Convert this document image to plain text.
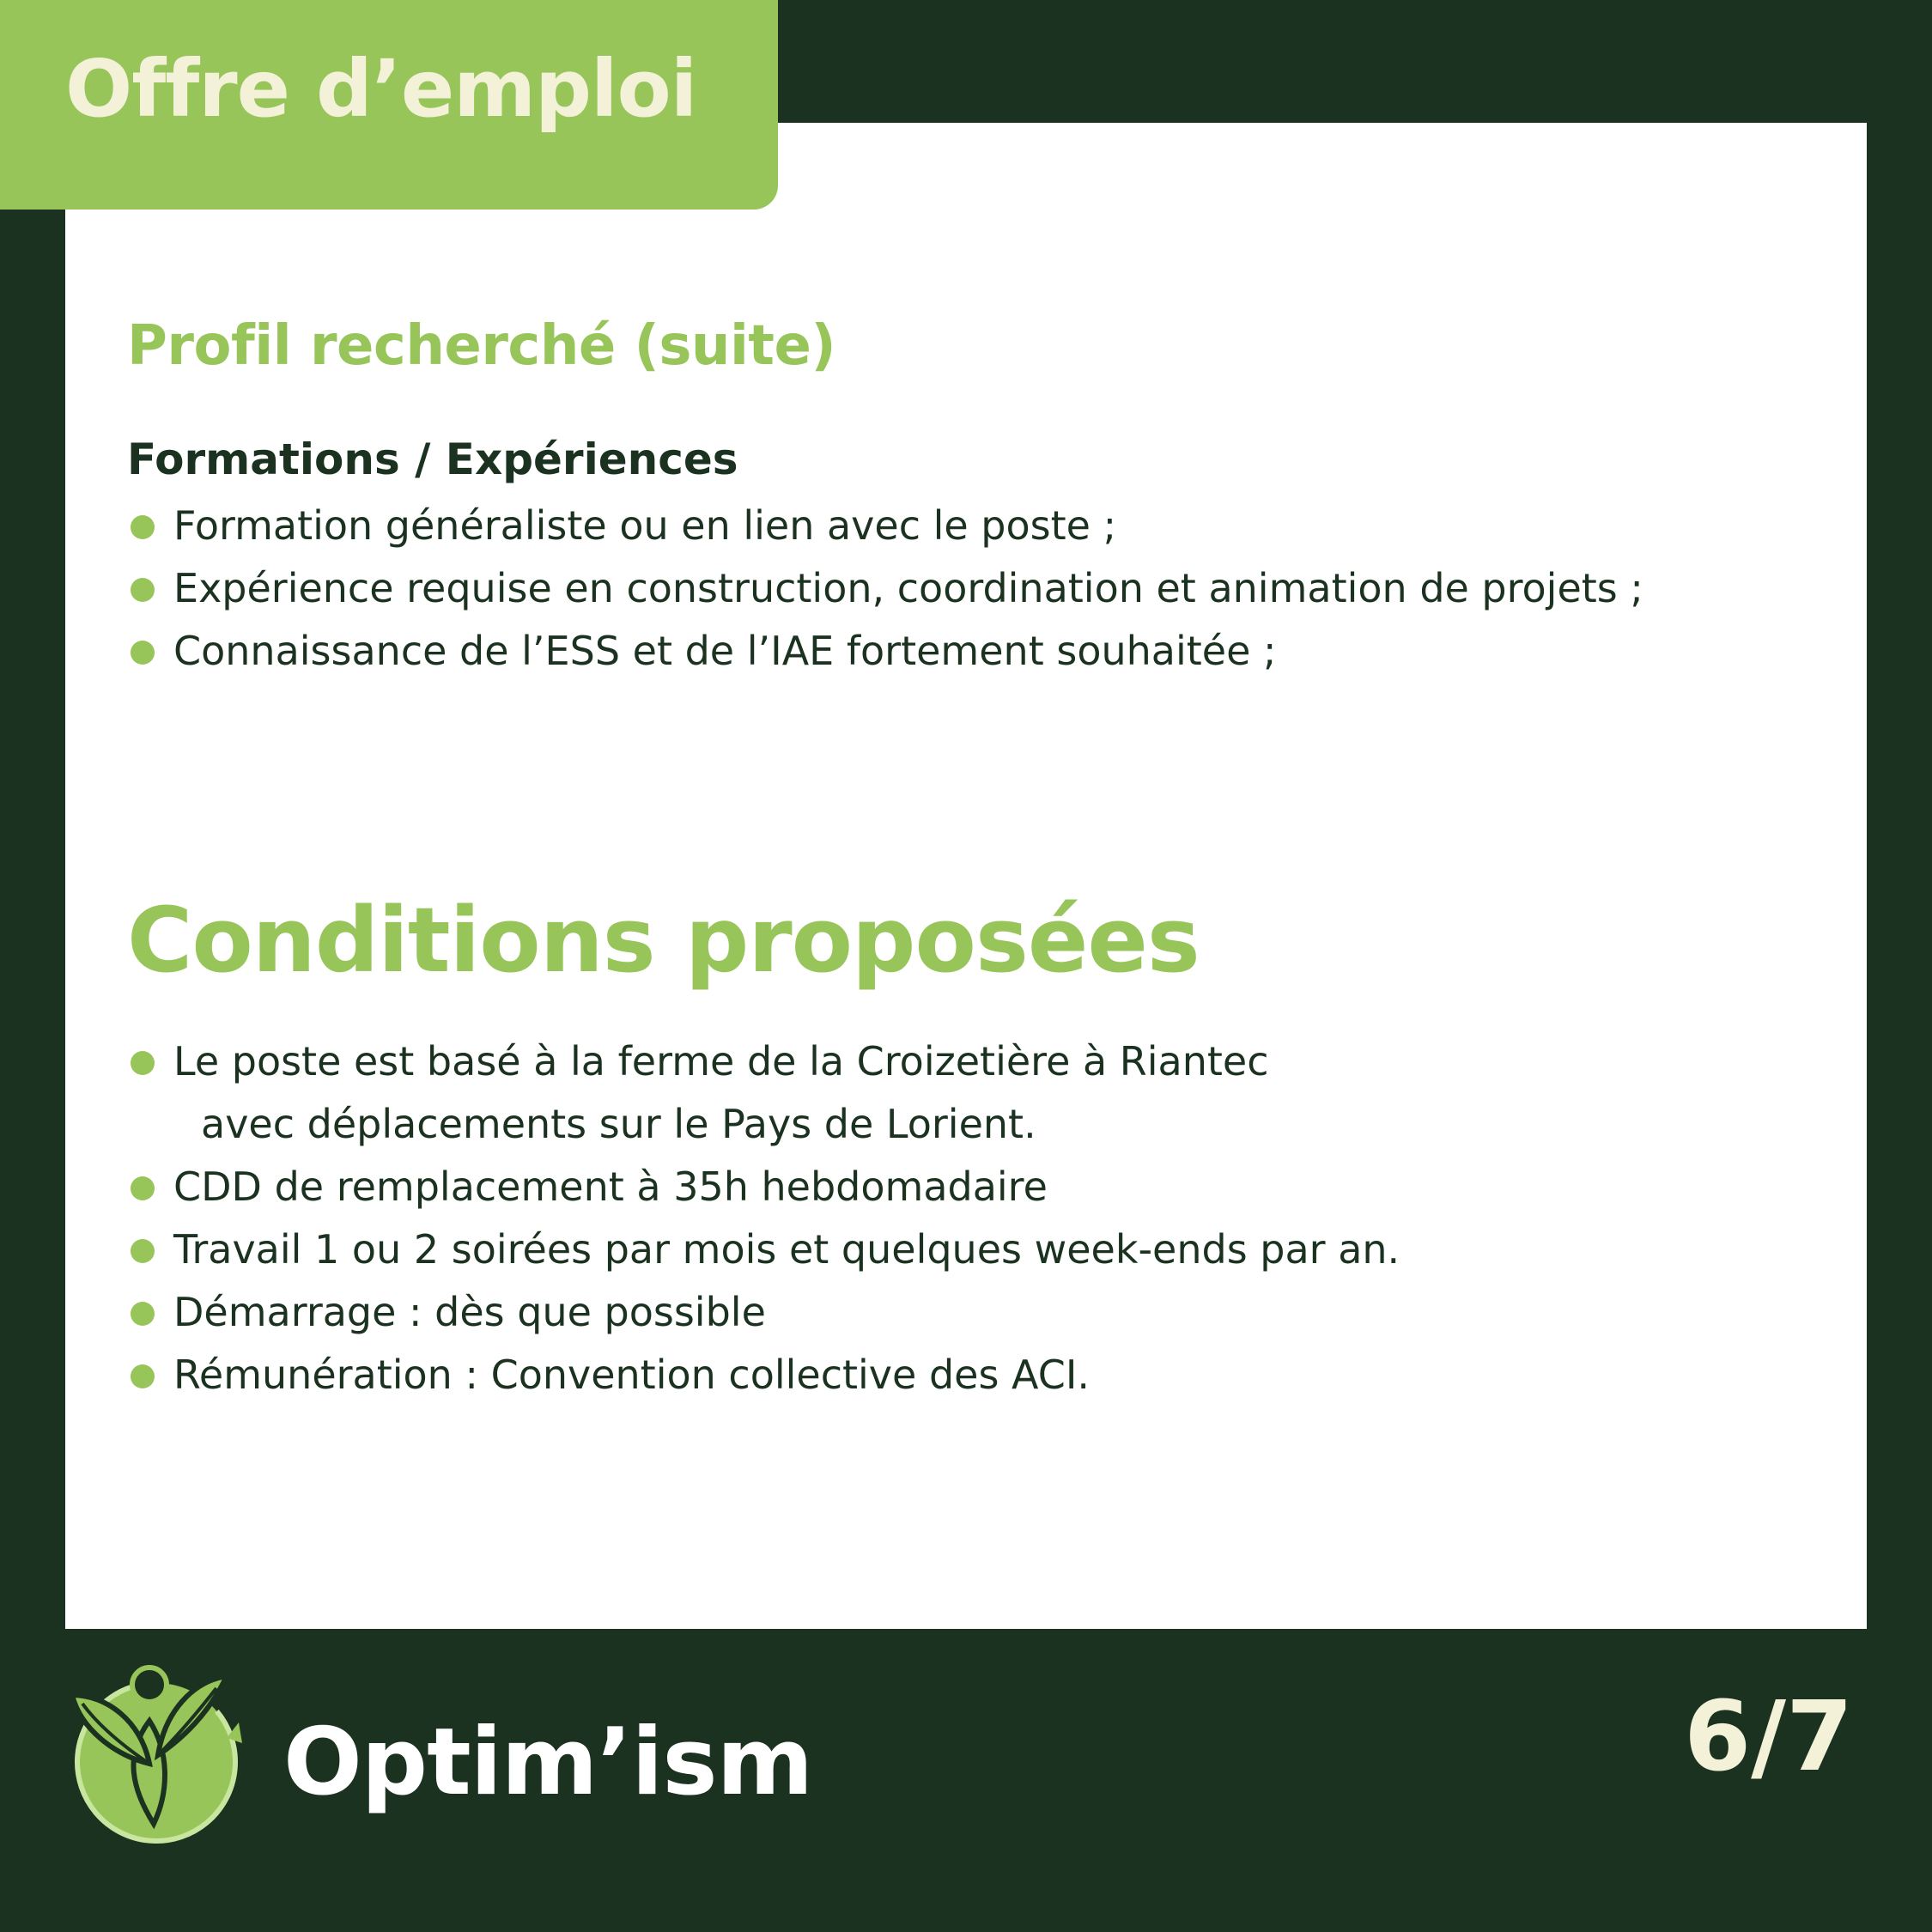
Offre d’emploi
Profil recherché (suite)
Formations / Expériences
Formation généraliste ou en lien avec le poste ;
Expérience requise en construction, coordination et animation de projets ;
Connaissance de l’ESS et de l’IAE fortement souhaitée ;
Conditions proposées
Le poste est basé à la ferme de la Croizetière à Riantec
avec déplacements sur le Pays de Lorient.
CDD de remplacement à 35h hebdomadaire
Travail 1 ou 2 soirées par mois et quelques week-ends par an.
Démarrage : dès que possible
Rémunération : Convention collective des ACI.
Optim’ism	6/7
